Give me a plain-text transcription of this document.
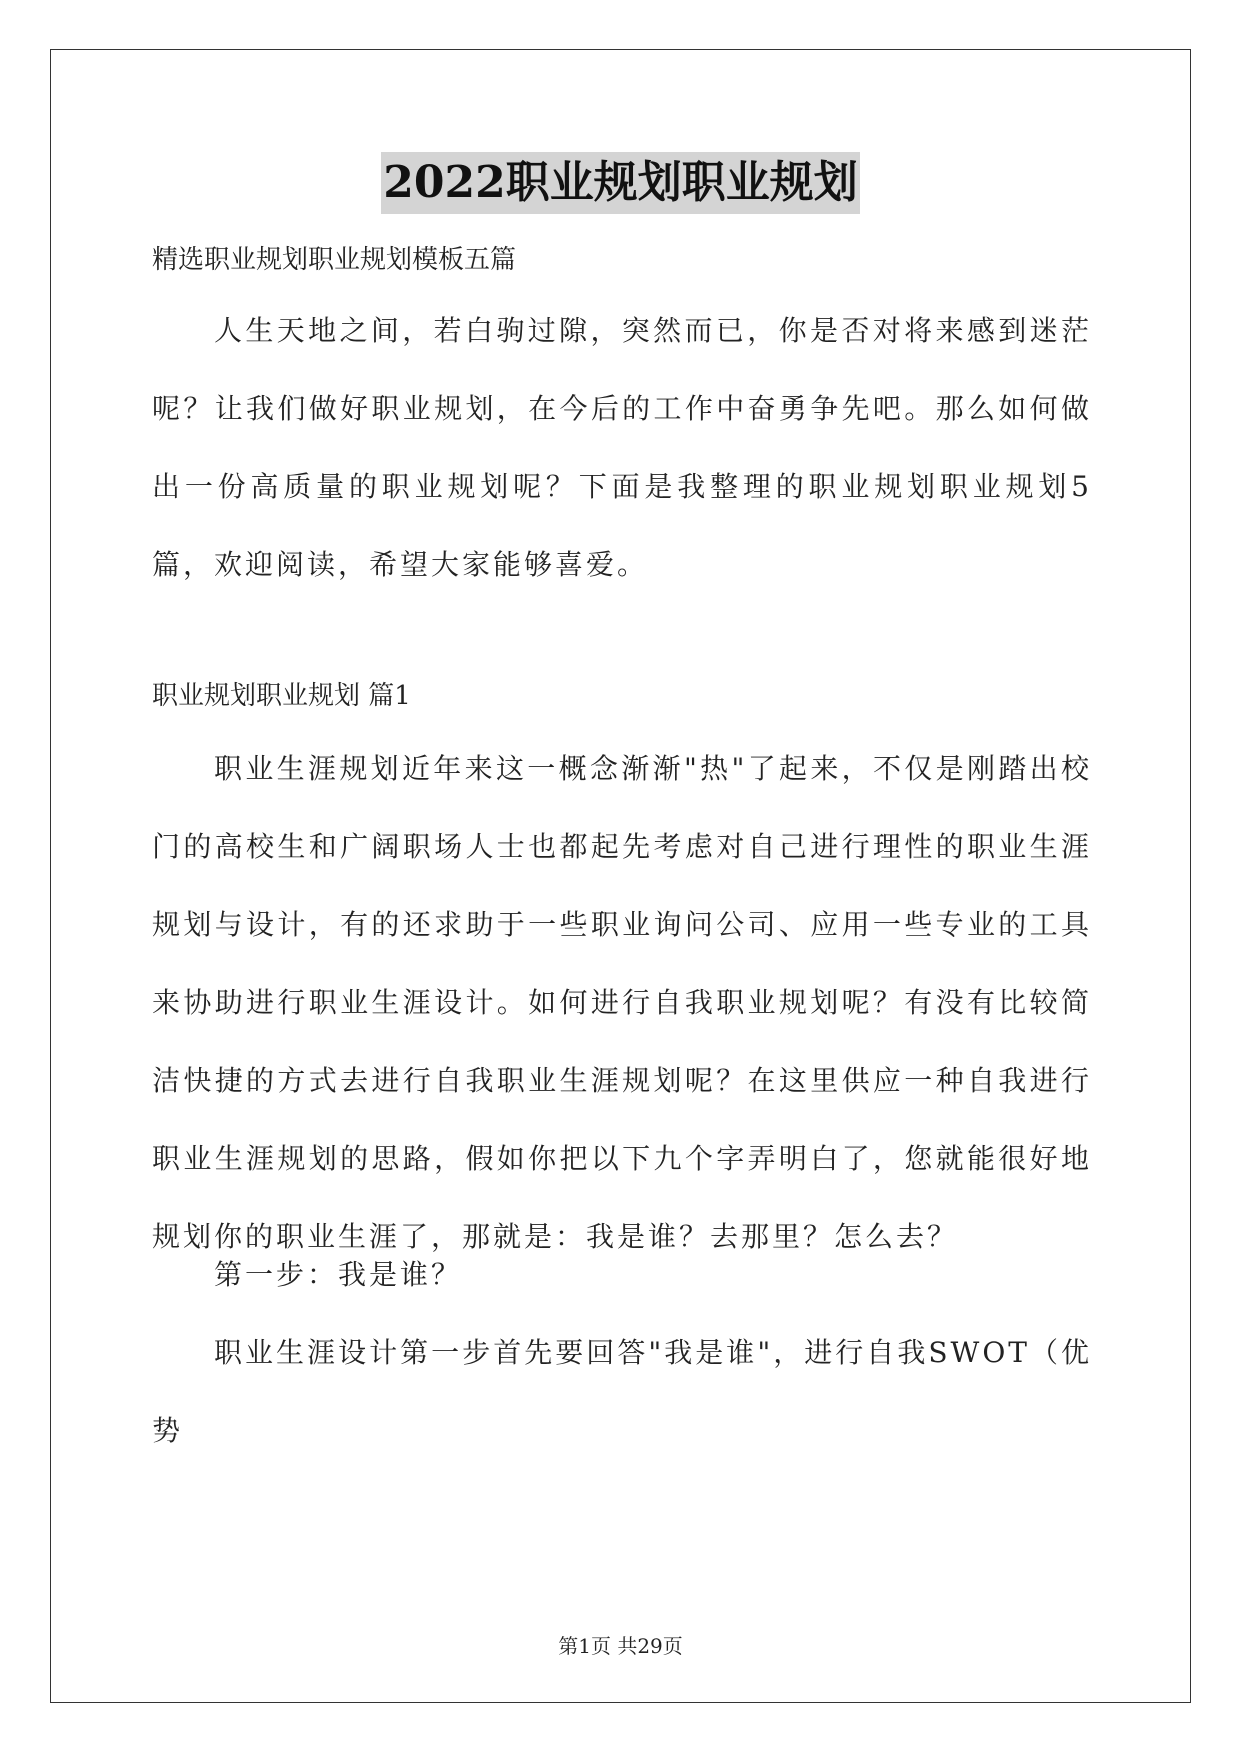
2022职业规划职业规划
精选职业规划职业规划模板五篇
人生天地之间，若白驹过隙，突然而已，你是否对将来感到迷茫呢？让我们做好职业规划，在今后的工作中奋勇争先吧。那么如何做出一份高质量的职业规划呢？下面是我整理的职业规划职业规划5篇，欢迎阅读，希望大家能够喜爱。
职业规划职业规划 篇1
职业生涯规划近年来这一概念渐渐"热"了起来，不仅是刚踏出校门的高校生和广阔职场人士也都起先考虑对自己进行理性的职业生涯规划与设计，有的还求助于一些职业询问公司、应用一些专业的工具来协助进行职业生涯设计。如何进行自我职业规划呢？有没有比较简洁快捷的方式去进行自我职业生涯规划呢？在这里供应一种自我进行职业生涯规划的思路，假如你把以下九个字弄明白了，您就能很好地规划你的职业生涯了，那就是：我是谁？去那里？怎么去？
第一步：我是谁？
职业生涯设计第一步首先要回答"我是谁"，进行自我SWOT（优势
第1页 共29页
